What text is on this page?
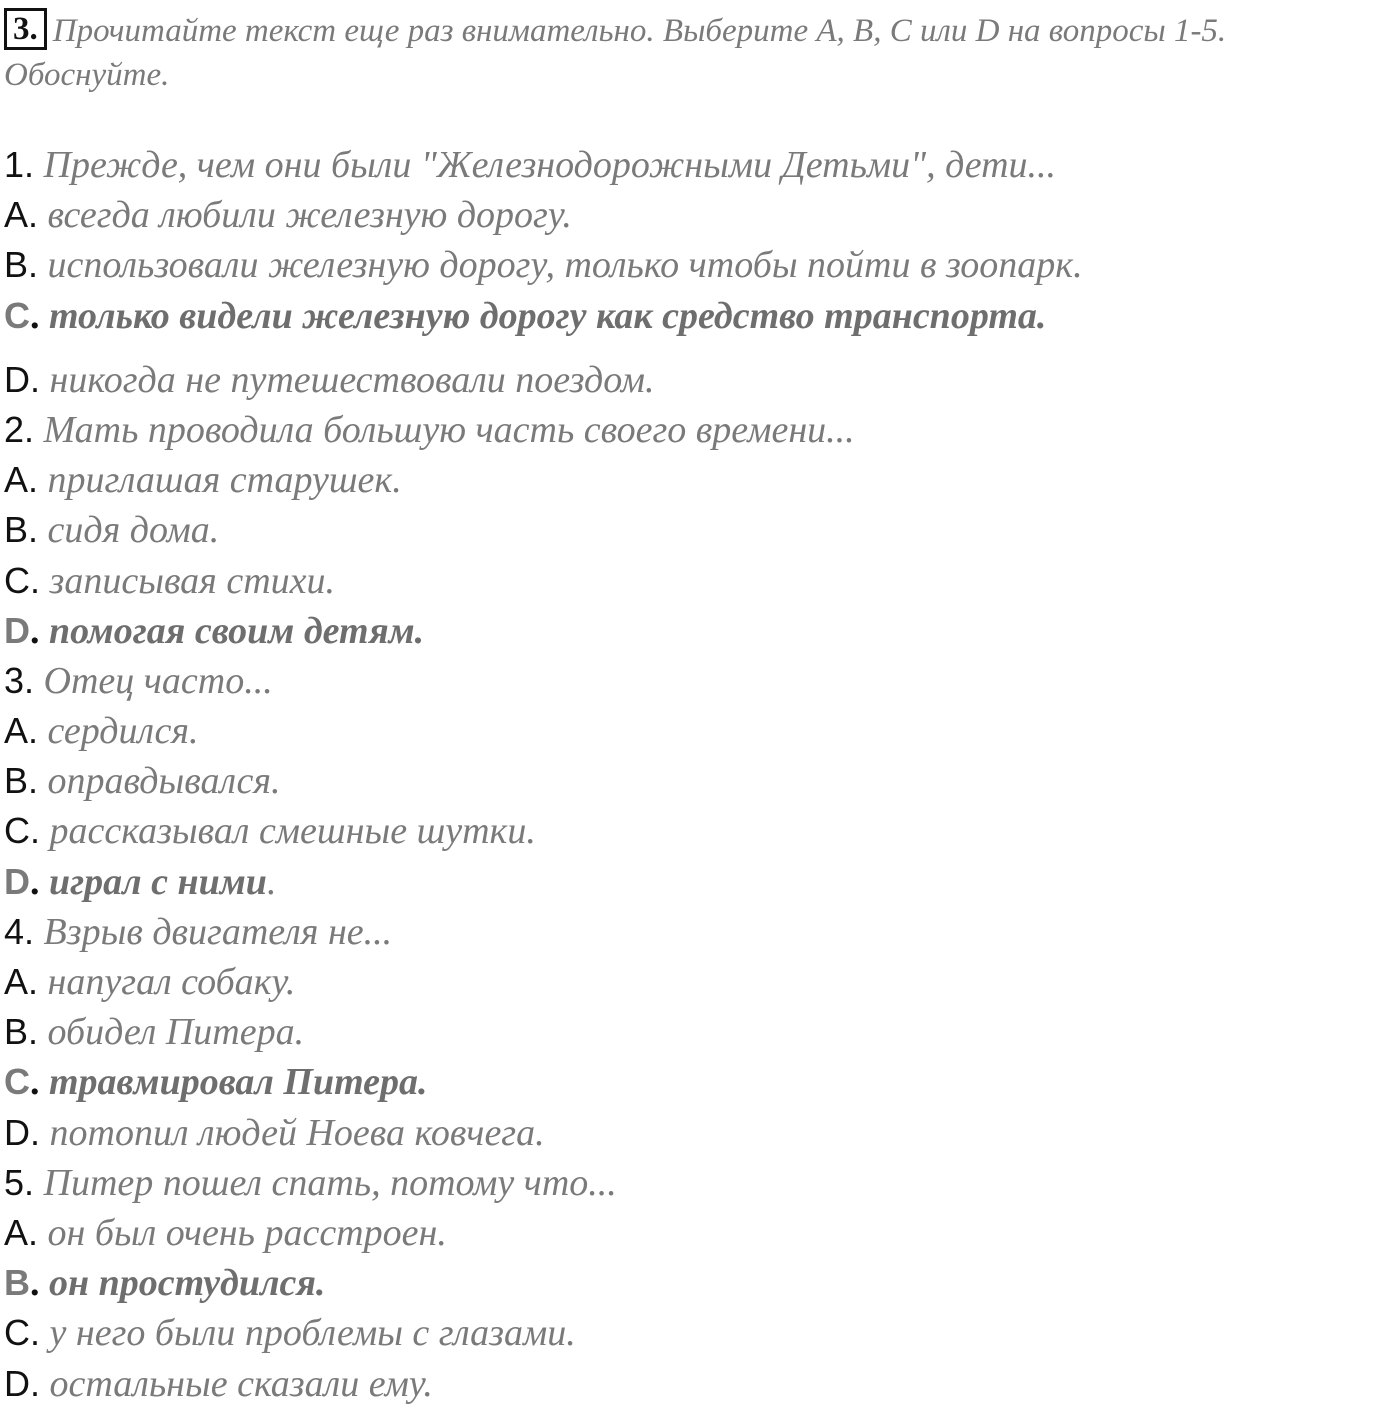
3. Прочитайте текст еще раз внимательно. Выберите A, B, C или D на вопросы 1-5. Обоснуйте.
1. Прежде, чем они были "Железнодорожными Детьми", дети...
A. всегда любили железную дорогу.
B. использовали железную дорогу, только чтобы пойти в зоопарк.
C. только видели железную дорогу как средство транспорта.
D. никогда не путешествовали поездом.
2. Мать проводила большую часть своего времени...
A. приглашая старушек.
B. сидя дома.
C. записывая стихи.
D. помогая своим детям.
3. Отец часто...
A. сердился.
B. оправдывался.
C. рассказывал смешные шутки.
D. играл с ними.
4. Взрыв двигателя не...
A. напугал собаку.
B. обидел Питера.
C. травмировал Питера.
D. потопил людей Ноева ковчега.
5. Питер пошел спать, потому что...
A. он был очень расстроен.
B. он простудился.
C. у него были проблемы с глазами.
D. остальные сказали ему.
